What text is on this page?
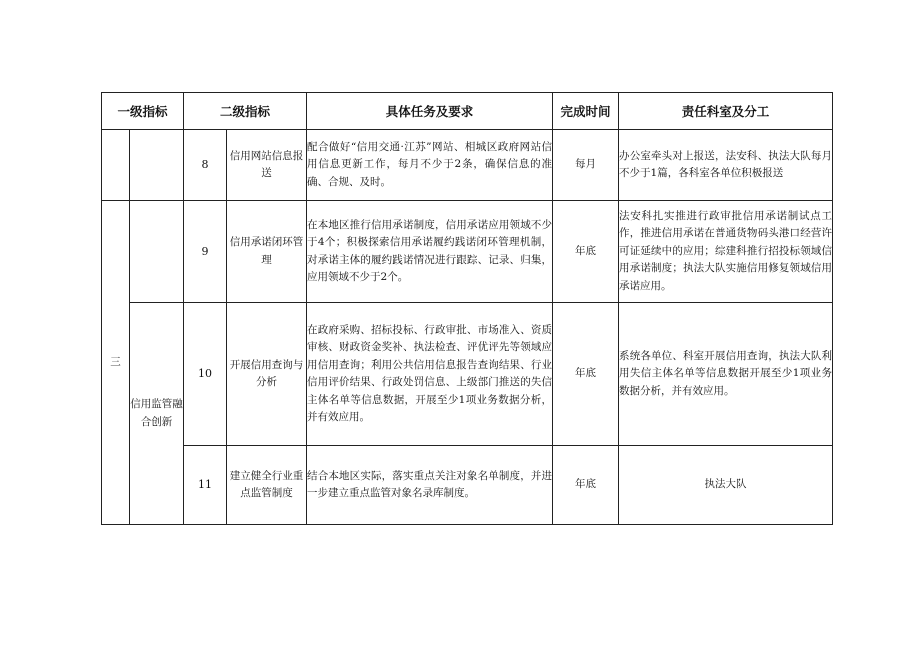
一级指标		二级指标		具体任务及要求	完成时间	责任科室及分工
		8	信用网站信息报送	配合做好“信用交通·江苏”网站、相城区政府网站信用信息更新工作，每月不少于2条，确保信息的准确、合规、及时。	每月	办公室牵头对上报送，法安科、执法大队每月不少于1篇，各科室各单位积极报送
三		9	信用承诺闭环管理	在本地区推行信用承诺制度，信用承诺应用领域不少于4个；积极探索信用承诺履约践诺闭环管理机制，对承诺主体的履约践诺情况进行跟踪、记录、归集，应用领域不少于2个。	年底	法安科扎实推进行政审批信用承诺制试点工作，推进信用承诺在普通货物码头港口经营许可证延续中的应用；综建科推行招投标领域信用承诺制度；执法大队实施信用修复领域信用承诺应用。
	信用监管融合创新	10	开展信用查询与分析	在政府采购、招标投标、行政审批、市场准入、资质审核、财政资金奖补、执法检查、评优评先等领域应用信用查询；利用公共信用信息报告查询结果、行业信用评价结果、行政处罚信息、上级部门推送的失信主体名单等信息数据，开展至少1项业务数据分析，并有效应用。	年底	系统各单位、科室开展信用查询，执法大队利用失信主体名单等信息数据开展至少1项业务数据分析，并有效应用。
		11	建立健全行业重点监管制度	结合本地区实际，落实重点关注对象名单制度，并进一步建立重点监管对象名录库制度。	年底	执法大队
